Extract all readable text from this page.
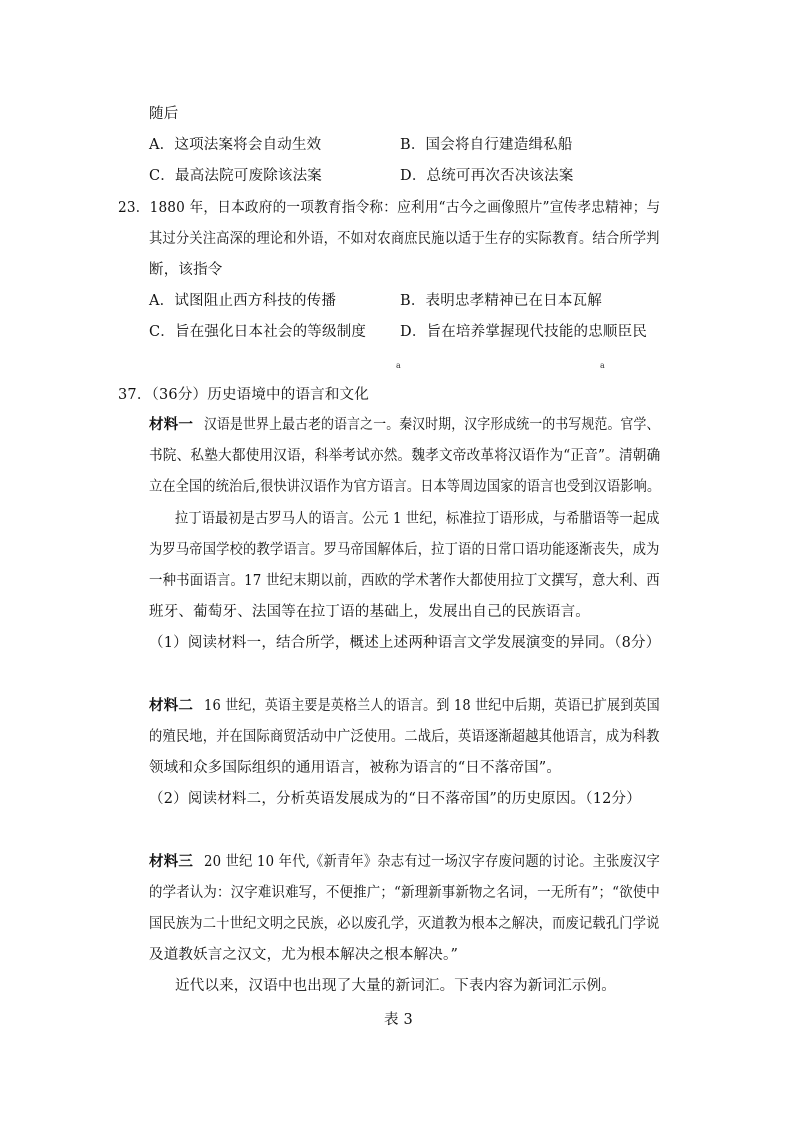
随后
A．这项法案将会自动生效	B．国会将自行建造缉私船
C．最高法院可废除该法案	D．总统可再次否决该法案
23．1880 年，日本政府的一项教育指令称：应利用“古今之画像照片”宣传孝忠精神；与
其过分关注高深的理论和外语，不如对农商庶民施以适于生存的实际教育。结合所学判
断，该指令
A．试图阻止西方科技的传播	B．表明忠孝精神已在日本瓦解
C．旨在强化日本社会的等级制度 D．旨在培养掌握现代技能的忠顺臣民
a	a
37．（36分）历史语境中的语言和文化
材料一 汉语是世界上最古老的语言之一。秦汉时期，汉字形成统一的书写规范。官学、
书院、私塾大都使用汉语，科举考试亦然。魏孝文帝改革将汉语作为“正音”。清朝确
立在全国的统治后,很快讲汉语作为官方语言。日本等周边国家的语言也受到汉语影响。
拉丁语最初是古罗马人的语言。公元 1 世纪，标准拉丁语形成，与希腊语等一起成
为罗马帝国学校的教学语言。罗马帝国解体后，拉丁语的日常口语功能逐渐丧失，成为
一种书面语言。17 世纪末期以前，西欧的学术著作大都使用拉丁文撰写，意大利、西
班牙、葡萄牙、法国等在拉丁语的基础上，发展出自己的民族语言。
（1）阅读材料一，结合所学，概述上述两种语言文学发展演变的异同。（8分）
材料二 16 世纪，英语主要是英格兰人的语言。到 18 世纪中后期，英语已扩展到英国
的殖民地，并在国际商贸活动中广泛使用。二战后，英语逐渐超越其他语言，成为科教
领域和众多国际组织的通用语言，被称为语言的“日不落帝国”。
（2）阅读材料二，分析英语发展成为的“日不落帝国”的历史原因。（12分）
材料三 20 世纪 10 年代,《新青年》杂志有过一场汉字存废问题的讨论。主张废汉字
的学者认为：汉字难识难写，不便推广；“新理新事新物之名词，一无所有”；“欲使中
国民族为二十世纪文明之民族，必以废孔学，灭道教为根本之解决，而废记载孔门学说
及道教妖言之汉文，尤为根本解决之根本解决。”
近代以来，汉语中也出现了大量的新词汇。下表内容为新词汇示例。
表 3
